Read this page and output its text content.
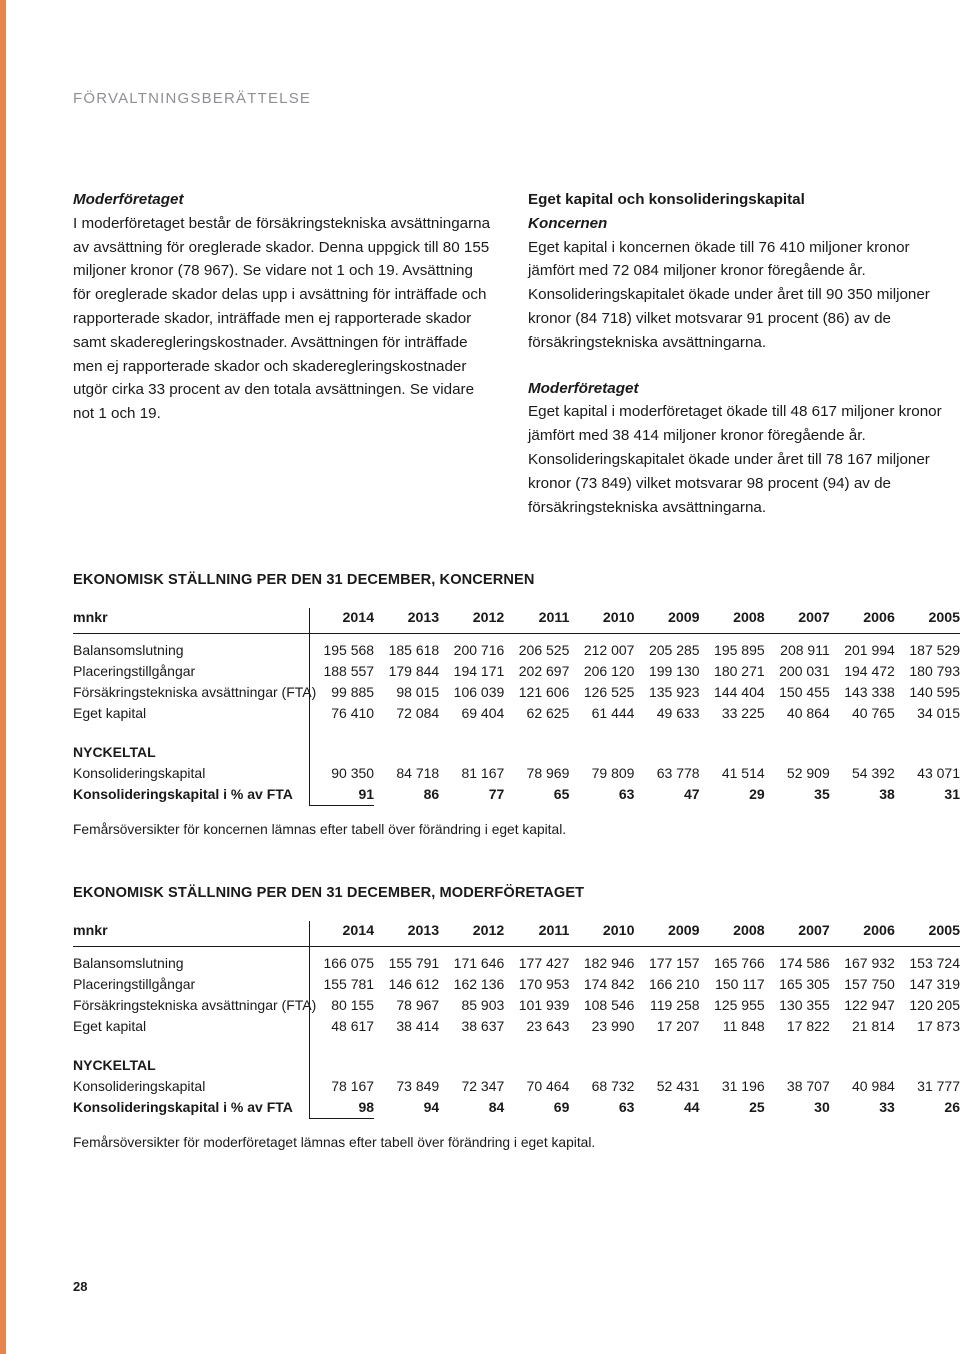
FÖRVALTNINGSBERÄTTELSE

Moderföretaget

I moderföretaget består de försäkringstekniska avsättningarna av avsättning för oreglerade skador. Denna uppgick till 80 155 miljoner kronor (78 967). Se vidare not 1 och 19. Avsättning för oreglerade skador delas upp i avsättning för inträffade och rapporterade skador, inträffade men ej rapporterade skador samt skaderegleringskostnader. Avsättningen för inträffade men ej rapporterade skador och skaderegleringskostnader utgör cirka 33 procent av den totala avsättningen. Se vidare not 1 och 19.

Eget kapital och konsolideringskapital

Koncernen

Eget kapital i koncernen ökade till 76 410 miljoner kronor jämfört med 72 084 miljoner kronor föregående år. Konsolideringskapitalet ökade under året till 90 350 miljoner kronor (84 718) vilket motsvarar 91 procent (86) av de försäkringstekniska avsättningarna.

Moderföretaget

Eget kapital i moderföretaget ökade till 48 617 miljoner kronor jämfört med 38 414 miljoner kronor föregående år. Konsolideringskapitalet ökade under året till 78 167 miljoner kronor (73 849) vilket motsvarar 98 procent (94) av de försäkringstekniska avsättningarna.

EKONOMISK STÄLLNING PER DEN 31 DECEMBER, KONCERNEN
mnkr	2014	2013	2012	2011	2010	2009	2008	2007	2006	2005
Balansomslutning	195 568	185 618	200 716	206 525	212 007	205 285	195 895	208 911	201 994	187 529
Placeringstillgångar	188 557	179 844	194 171	202 697	206 120	199 130	180 271	200 031	194 472	180 793
Försäkringstekniska avsättningar (FTA)	99 885	98 015	106 039	121 606	126 525	135 923	144 404	150 455	143 338	140 595
Eget kapital	76 410	72 084	69 404	62 625	61 444	49 633	33 225	40 864	40 765	34 015

NYCKELTAL										
Konsolideringskapital	90 350	84 718	81 167	78 969	79 809	63 778	41 514	52 909	54 392	43 071
Konsolideringskapital i % av FTA	91	86	77	65	63	47	29	35	38	31
Femårsöversikter för koncernen lämnas efter tabell över förändring i eget kapital.
EKONOMISK STÄLLNING PER DEN 31 DECEMBER, MODERFÖRETAGET
mnkr	2014	2013	2012	2011	2010	2009	2008	2007	2006	2005
Balansomslutning	166 075	155 791	171 646	177 427	182 946	177 157	165 766	174 586	167 932	153 724
Placeringstillgångar	155 781	146 612	162 136	170 953	174 842	166 210	150 117	165 305	157 750	147 319
Försäkringstekniska avsättningar (FTA)	80 155	78 967	85 903	101 939	108 546	119 258	125 955	130 355	122 947	120 205
Eget kapital	48 617	38 414	38 637	23 643	23 990	17 207	11 848	17 822	21 814	17 873

NYCKELTAL										
Konsolideringskapital	78 167	73 849	72 347	70 464	68 732	52 431	31 196	38 707	40 984	31 777
Konsolideringskapital i % av FTA	98	94	84	69	63	44	25	30	33	26
Femårsöversikter för moderföretaget lämnas efter tabell över förändring i eget kapital.
28
